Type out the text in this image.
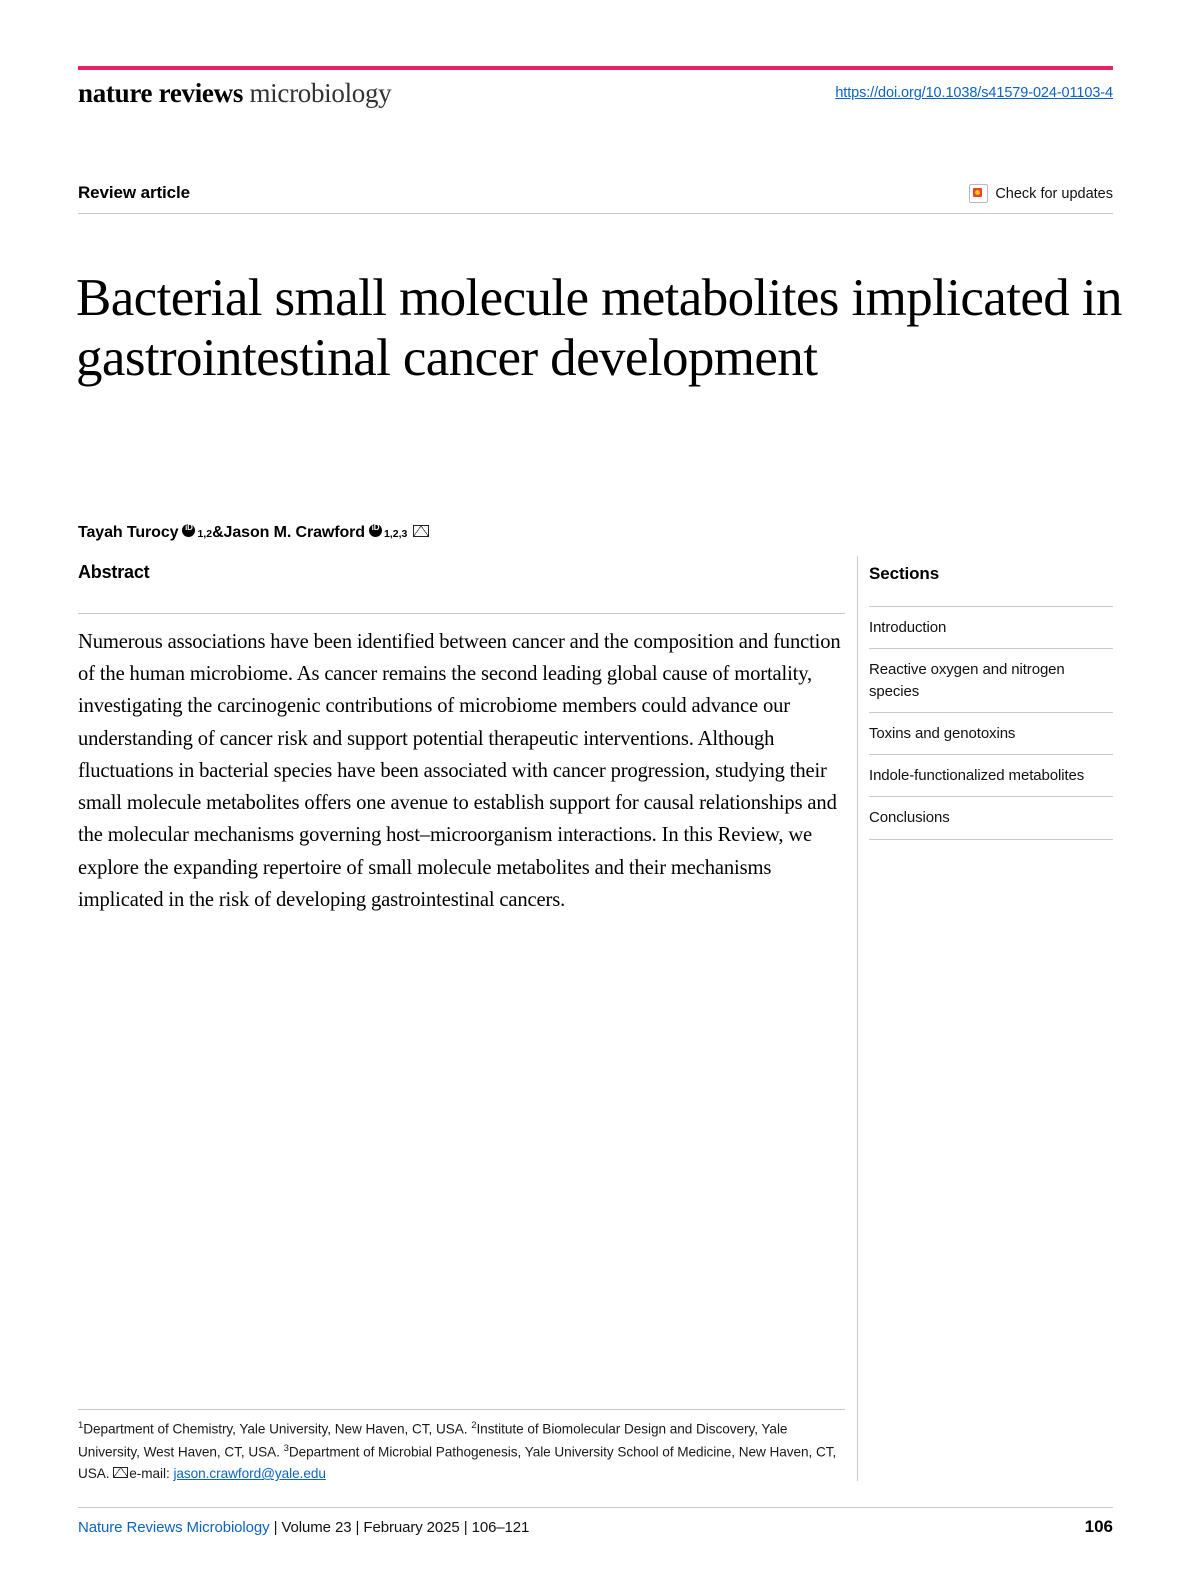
nature reviews microbiology	https://doi.org/10.1038/s41579-024-01103-4
Review article	Check for updates
Bacterial small molecule metabolites implicated in gastrointestinal cancer development
Tayah Turocy iD 1,2 & Jason M. Crawford iD 1,2,3
Abstract
Numerous associations have been identified between cancer and the composition and function of the human microbiome. As cancer remains the second leading global cause of mortality, investigating the carcinogenic contributions of microbiome members could advance our understanding of cancer risk and support potential therapeutic interventions. Although fluctuations in bacterial species have been associated with cancer progression, studying their small molecule metabolites offers one avenue to establish support for causal relationships and the molecular mechanisms governing host–microorganism interactions. In this Review, we explore the expanding repertoire of small molecule metabolites and their mechanisms implicated in the risk of developing gastrointestinal cancers.
Sections
Introduction
Reactive oxygen and nitrogen species
Toxins and genotoxins
Indole-functionalized metabolites
Conclusions
$^1$Department of Chemistry, Yale University, New Haven, CT, USA. $^2$Institute of Biomolecular Design and Discovery, Yale University, West Haven, CT, USA. $^3$Department of Microbial Pathogenesis, Yale University School of Medicine, New Haven, CT, USA. e-mail: jason.crawford@yale.edu
Nature Reviews Microbiology | Volume 23 | February 2025 | 106–121	106
